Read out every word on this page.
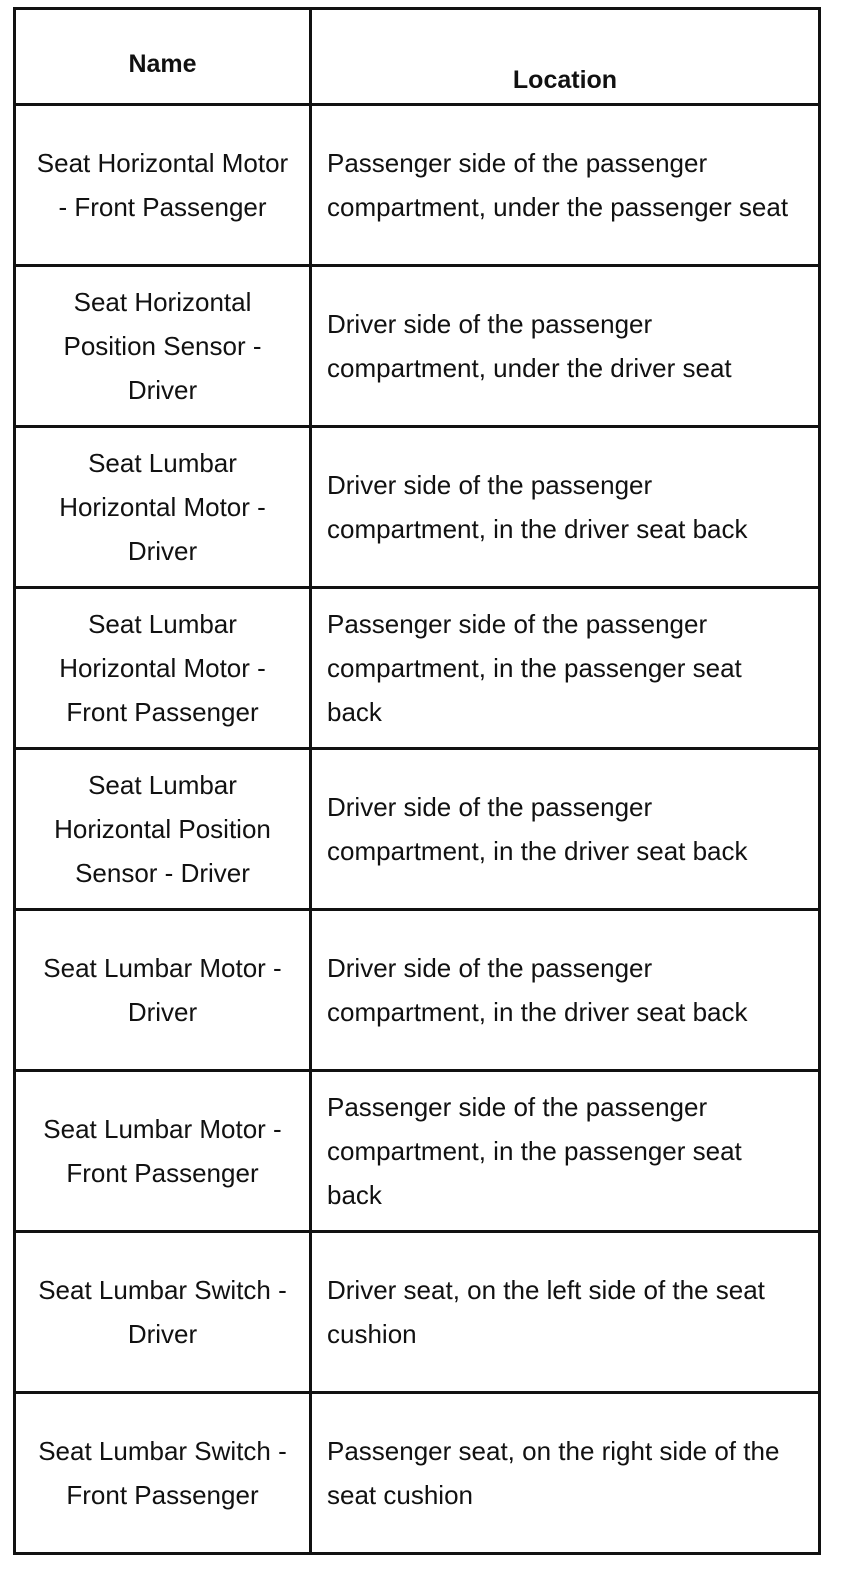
Name	Location

Seat Horizontal Motor - Front Passenger	Passenger side of the passenger compartment, under the passenger seat

Seat Horizontal Position Sensor - Driver	Driver side of the passenger compartment, under the driver seat

Seat Lumbar Horizontal Motor - Driver	Driver side of the passenger compartment, in the driver seat back

Seat Lumbar Horizontal Motor - Front Passenger	Passenger side of the passenger compartment, in the passenger seat back

Seat Lumbar Horizontal Position Sensor - Driver	Driver side of the passenger compartment, in the driver seat back

Seat Lumbar Motor - Driver	Driver side of the passenger compartment, in the driver seat back

Seat Lumbar Motor - Front Passenger	Passenger side of the passenger compartment, in the passenger seat back

Seat Lumbar Switch - Driver	Driver seat, on the left side of the seat cushion

Seat Lumbar Switch - Front Passenger	Passenger seat, on the right side of the seat cushion
